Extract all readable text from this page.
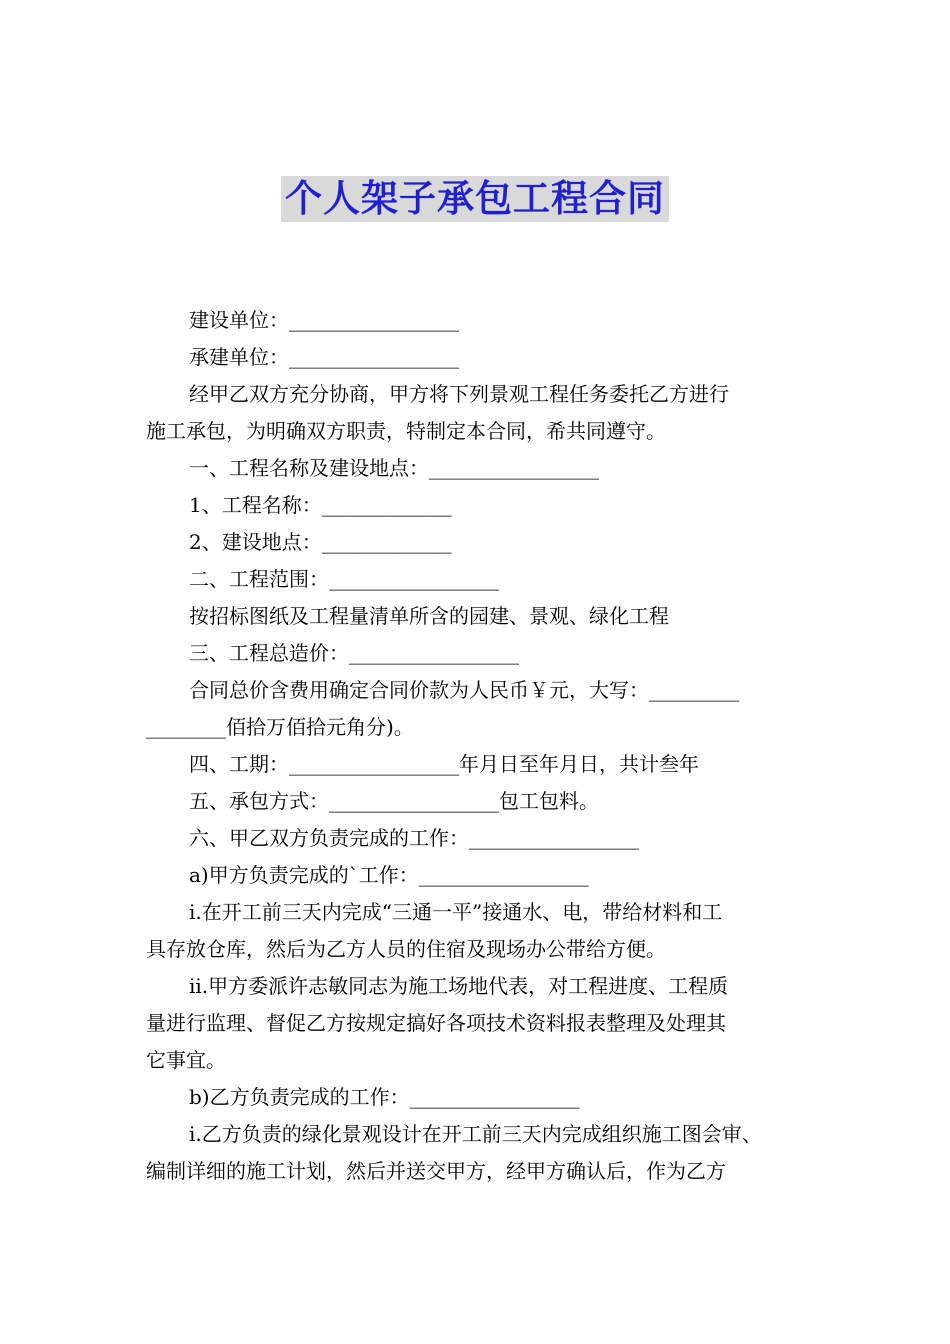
个人架子承包工程合同
建设单位：_________________
承建单位：_________________
经甲乙双方充分协商，甲方将下列景观工程任务委托乙方进行
施工承包，为明确双方职责，特制定本合同，希共同遵守。
一、工程名称及建设地点：_________________
1、工程名称：_____________
2、建设地点：_____________
二、工程范围：_________________
按招标图纸及工程量清单所含的园建、景观、绿化工程
三、工程总造价：_________________
合同总价含费用确定合同价款为人民币￥元，大写：_________
________佰拾万佰拾元角分)。
四、工期：_________________年月日至年月日，共计叁年
五、承包方式：_________________包工包料。
六、甲乙双方负责完成的工作：_________________
a)甲方负责完成的`工作：_________________
i.在开工前三天内完成“三通一平”接通水、电，带给材料和工
具存放仓库，然后为乙方人员的住宿及现场办公带给方便。
ii.甲方委派许志敏同志为施工场地代表，对工程进度、工程质
量进行监理、督促乙方按规定搞好各项技术资料报表整理及处理其
它事宜。
b)乙方负责完成的工作：_________________
i.乙方负责的绿化景观设计在开工前三天内完成组织施工图会审、
编制详细的施工计划，然后并送交甲方，经甲方确认后，作为乙方
